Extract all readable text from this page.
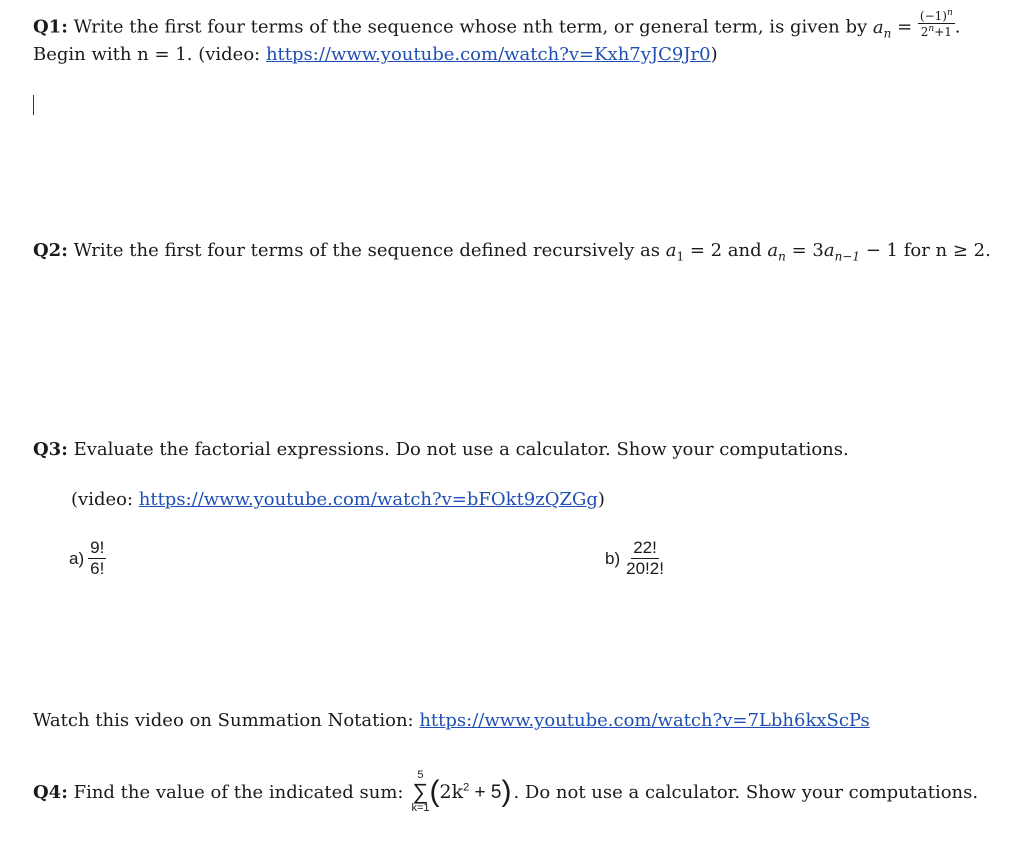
Q1: Write the first four terms of the sequence whose nth term, or general term, is given by $a_n = \frac{(-1)^n}{2^n+1}$ .
Begin with n = 1. (video: https://www.youtube.com/watch?v=Kxh7yJC9Jr0)
Q2: Write the first four terms of the sequence defined recursively as $a_1 = 2$ and $a_n = 3a_{n-1} - 1$ for n ≥ 2.
Q3: Evaluate the factorial expressions. Do not use a calculator. Show your computations.
(video: https://www.youtube.com/watch?v=bFOkt9zQZGg)
$a) \frac{9!}{6!}$	$b) \frac{22!}{20!2!}$
Watch this video on Summation Notation: https://www.youtube.com/watch?v=7Lbh6kxScPs
Q4:
Find the value of the indicated sum:
5
∑
k=1 ( $2k^2 + 5$ ) . Do not use a calculator. Show your computations.
